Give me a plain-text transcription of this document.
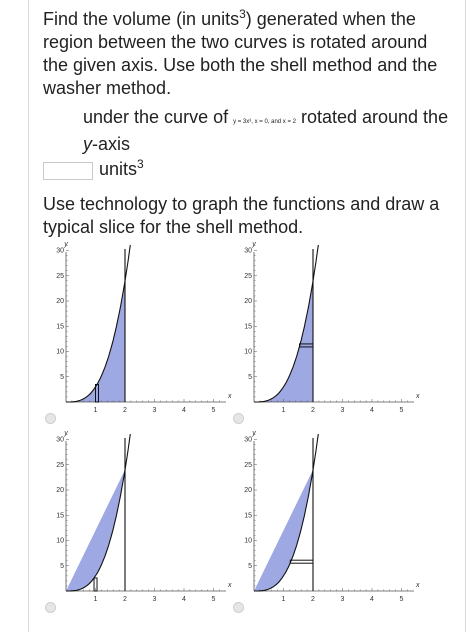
Find the volume (in units$^3$) generated when the region between the two curves is rotated around the given axis. Use both the shell method and the washer method.
under the curve of y = 3x³, x = 0, and x = 2 rotated around the
y-axis
units$^3$
Use technology to graph the functions and draw a typical slice for the shell method.
5
10
15
20
25
30
1	2	3	4	5
y
x
5
10
15
20
25
30
1	2	3	4	5
y
x
5
10
15
20
25
30
1	2	3	4	5
y
x
5
10
15
20
25
30
1	2	3	4	5
y
x
